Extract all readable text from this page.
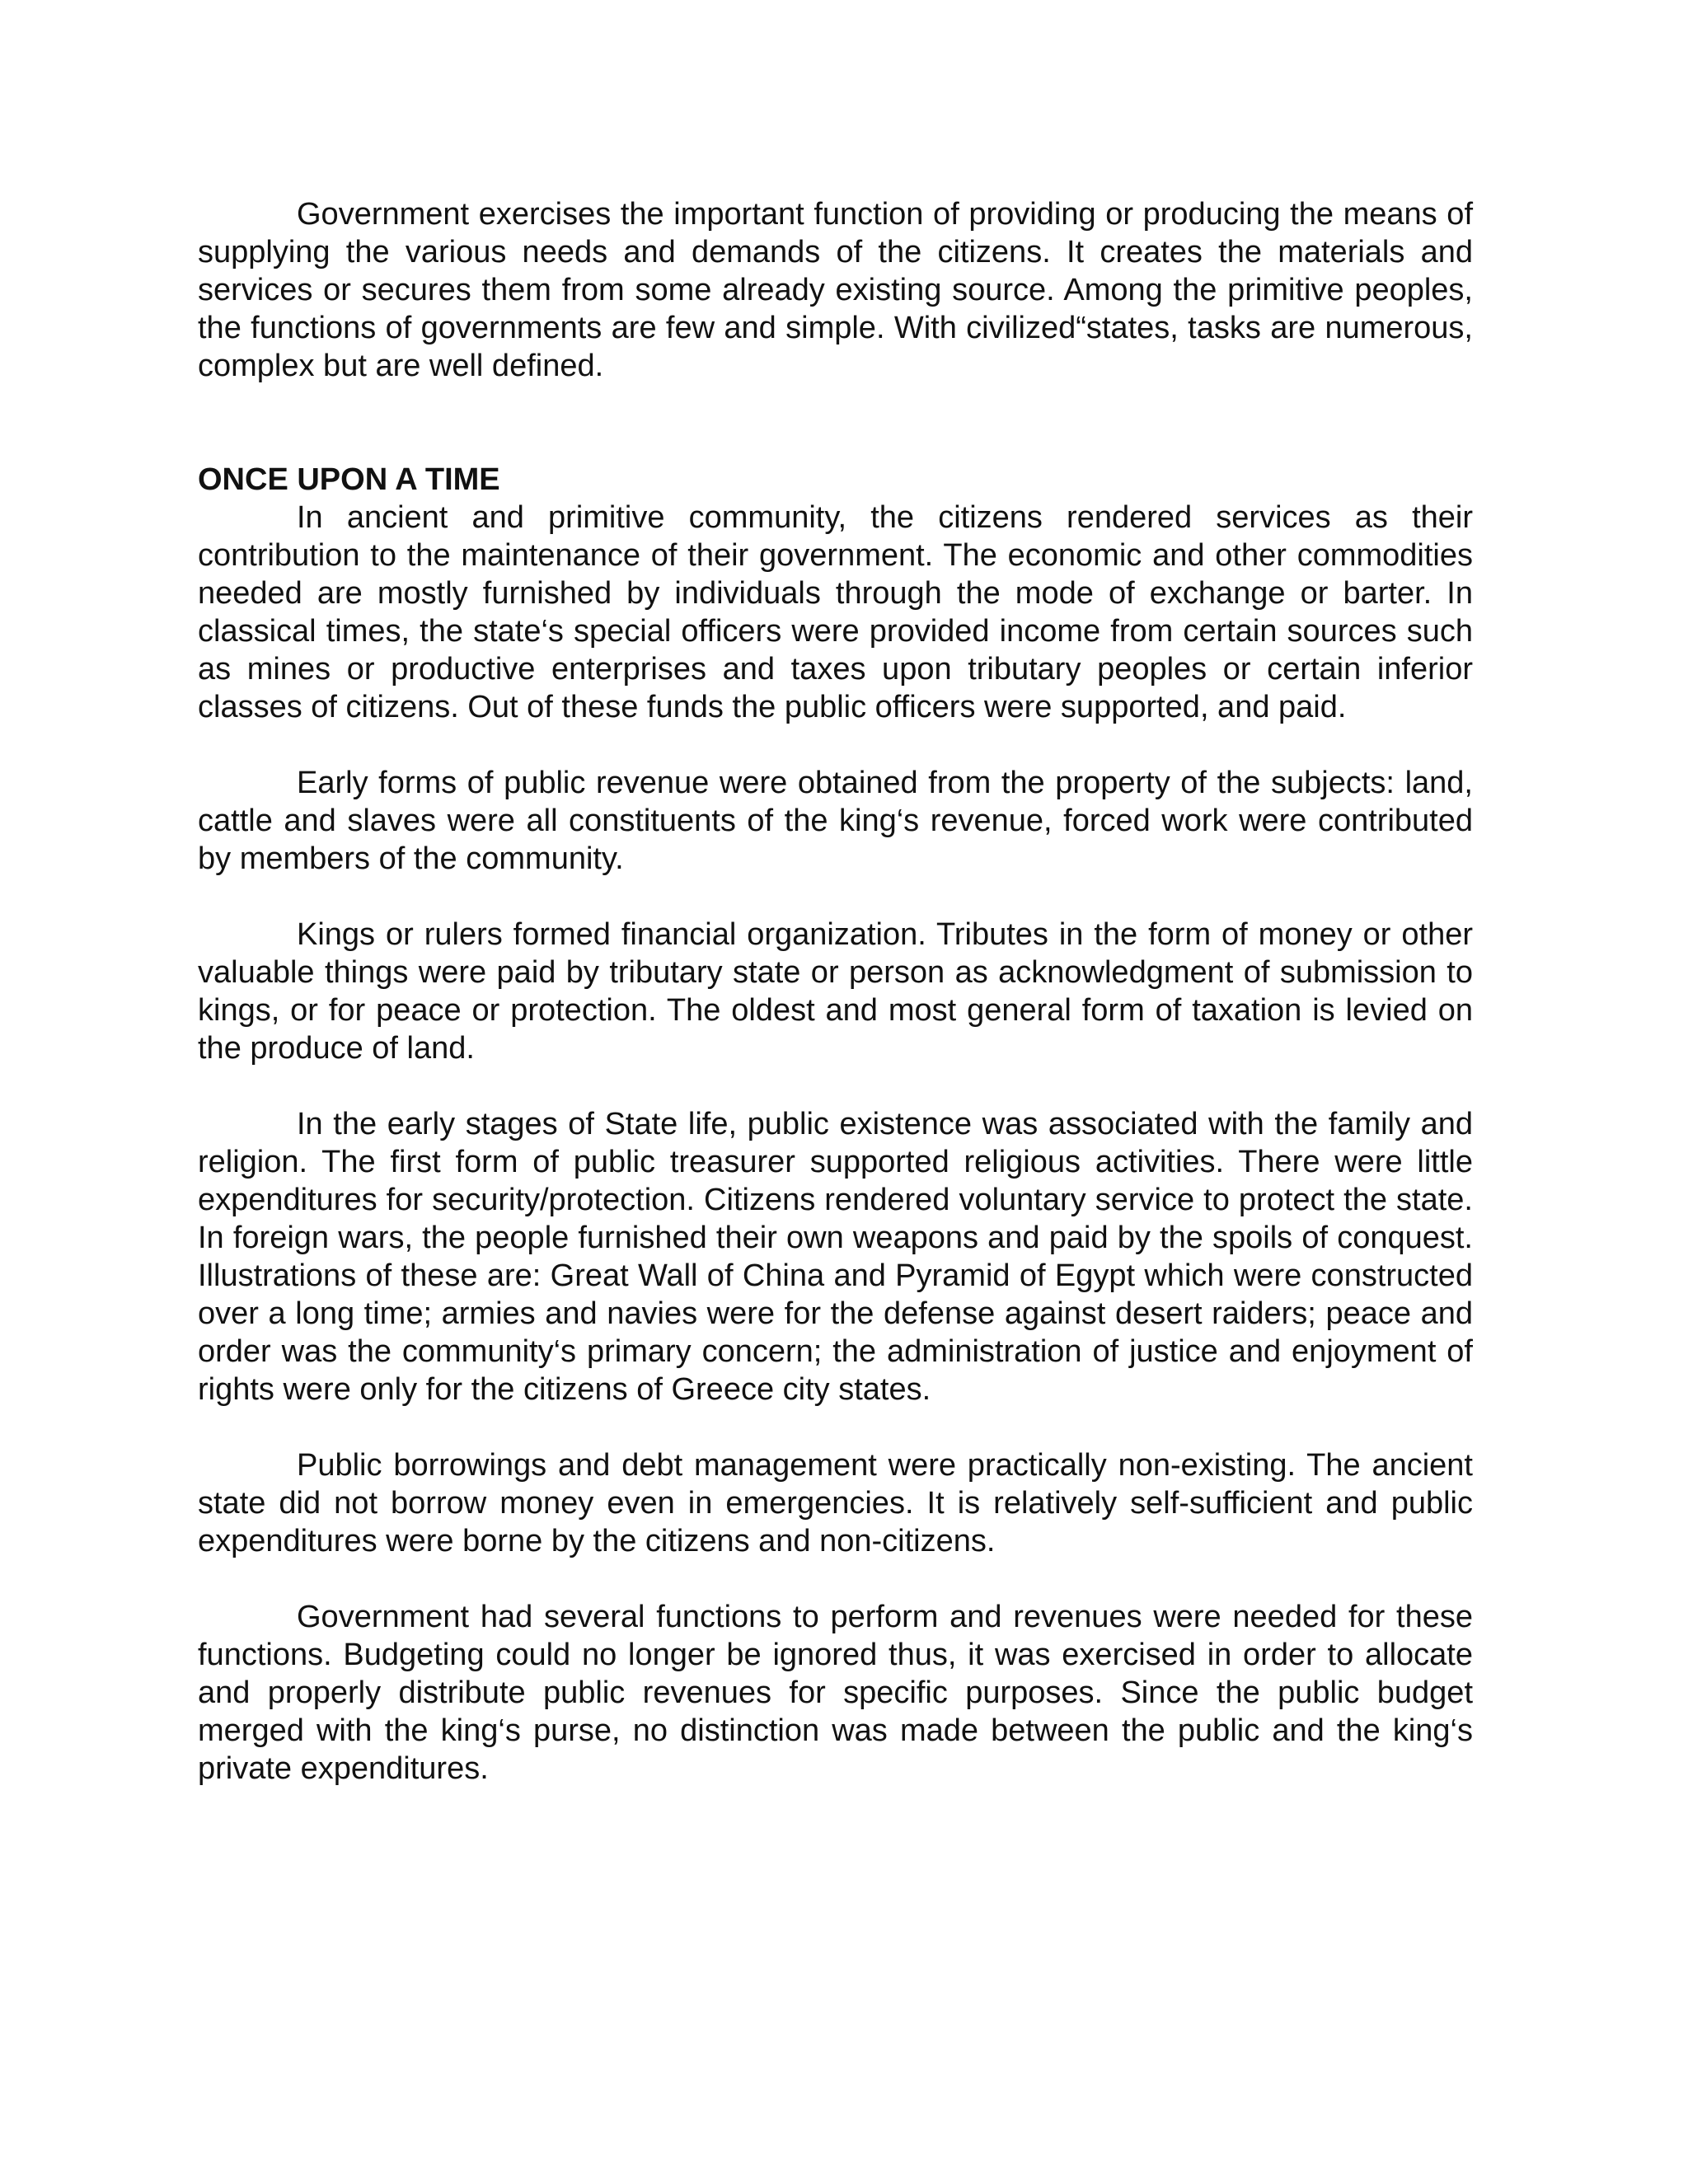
Government exercises the important function of providing or producing the means of supplying the various needs and demands of the citizens. It creates the materials and services or secures them from some already existing source. Among the primitive peoples, the functions of governments are few and simple. With civilized“states, tasks are numerous, complex but are well defined.

ONCE UPON A TIME

In ancient and primitive community, the citizens rendered services as their contribution to the maintenance of their government. The economic and other commodities needed are mostly furnished by individuals through the mode of exchange or barter. In classical times, the state‘s special officers were provided income from certain sources such as mines or productive enterprises and taxes upon tributary peoples or certain inferior classes of citizens. Out of these funds the public officers were supported, and paid.

Early forms of public revenue were obtained from the property of the subjects: land, cattle and slaves were all constituents of the king‘s revenue, forced work were contributed by members of the community.

Kings or rulers formed financial organization. Tributes in the form of money or other valuable things were paid by tributary state or person as acknowledgment of submission to kings, or for peace or protection. The oldest and most general form of taxation is levied on the produce of land.

In the early stages of State life, public existence was associated with the family and religion. The first form of public treasurer supported religious activities. There were little expenditures for security/protection. Citizens rendered voluntary service to protect the state. In foreign wars, the people furnished their own weapons and paid by the spoils of conquest. Illustrations of these are: Great Wall of China and Pyramid of Egypt which were constructed over a long time; armies and navies were for the defense against desert raiders; peace and order was the community‘s primary concern; the administration of justice and enjoyment of rights were only for the citizens of Greece city states.

Public borrowings and debt management were practically non-existing. The ancient state did not borrow money even in emergencies. It is relatively self-sufficient and public expenditures were borne by the citizens and non-citizens.

Government had several functions to perform and revenues were needed for these functions. Budgeting could no longer be ignored thus, it was exercised in order to allocate and properly distribute public revenues for specific purposes. Since the public budget merged with the king‘s purse, no distinction was made between the public and the king‘s private expenditures.
